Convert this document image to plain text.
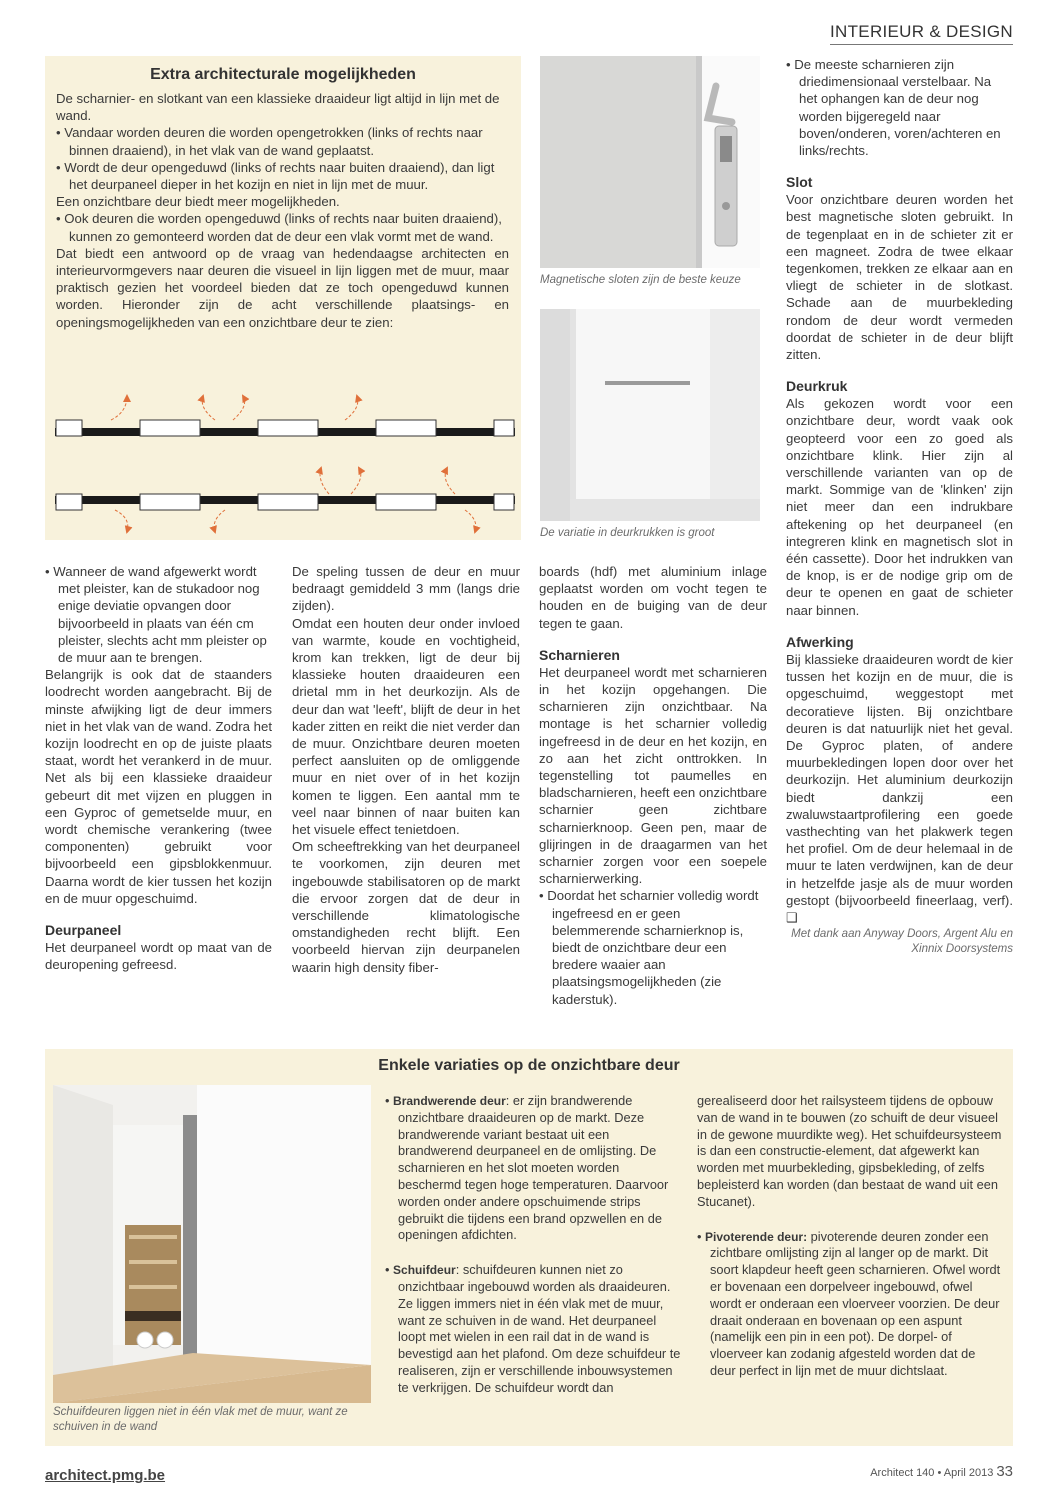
INTERIEUR & DESIGN
Extra architecturale mogelijkheden

De scharnier- en slotkant van een klassieke draaideur ligt altijd in lijn met de wand.

• Vandaar worden deuren die worden opengetrokken (links of rechts naar binnen draaiend), in het vlak van de wand geplaatst.

• Wordt de deur opengeduwd (links of rechts naar buiten draaiend), dan ligt het deurpaneel dieper in het kozijn en niet in lijn met de muur.

Een onzichtbare deur biedt meer mogelijkheden.

• Ook deuren die worden opengeduwd (links of rechts naar buiten draaiend), kunnen zo gemonteerd worden dat de deur een vlak vormt met de wand.

Dat biedt een antwoord op de vraag van hedendaagse architecten en interieurvormgevers naar deuren die visueel in lijn liggen met de muur, maar praktisch gezien het voordeel bieden dat ze toch opengeduwd kunnen worden. Hieronder zijn de acht verschillende plaatsings- en openingsmogelijkheden van een onzichtbare deur te zien:

Magnetische sloten zijn de beste keuze
De variatie in deurkrukken is groot

• Wanneer de wand afgewerkt wordt met pleister, kan de stukadoor nog enige deviatie opvangen door bijvoorbeeld in plaats van één cm pleister, slechts acht mm pleister op de muur aan te brengen.

Belangrijk is ook dat de staanders loodrecht worden aangebracht. Bij de minste afwijking ligt de deur immers niet in het vlak van de wand. Zodra het kozijn loodrecht en op de juiste plaats staat, wordt het verankerd in de muur. Net als bij een klassieke draaideur gebeurt dit met vijzen en pluggen in een Gyproc of gemetselde muur, en wordt chemische verankering (twee componenten) gebruikt voor bijvoorbeeld een gipsblokkenmuur. Daarna wordt de kier tussen het kozijn en de muur opgeschuimd.

Deurpaneel

Het deurpaneel wordt op maat van de deuropening gefreesd.

De speling tussen de deur en muur bedraagt gemiddeld 3 mm (langs drie zijden).

Omdat een houten deur onder invloed van warmte, koude en vochtigheid, krom kan trekken, ligt de deur bij klassieke houten draaideuren een drietal mm in het deurkozijn. Als de deur dan wat 'leeft', blijft de deur in het kader zitten en reikt die niet verder dan de muur. Onzichtbare deuren moeten perfect aansluiten op de omliggende muur en niet over of in het kozijn komen te liggen. Een aantal mm te veel naar binnen of naar buiten kan het visuele effect tenietdoen.

Om scheeftrekking van het deurpaneel te voorkomen, zijn deuren met ingebouwde stabilisatoren op de markt die ervoor zorgen dat de deur in verschillende klimatologische omstandigheden recht blijft. Een voorbeeld hiervan zijn deurpanelen waarin high density fiber-

boards (hdf) met aluminium inlage geplaatst worden om vocht tegen te houden en de buiging van de deur tegen te gaan.

Scharnieren

Het deurpaneel wordt met scharnieren in het kozijn opgehangen. Die scharnieren zijn onzichtbaar. Na montage is het scharnier volledig ingefreesd in de deur en het kozijn, en zo aan het zicht onttrokken. In tegenstelling tot paumelles en bladscharnieren, heeft een onzichtbare scharnier geen zichtbare scharnierknoop. Geen pen, maar de glijringen in de draagarmen van het scharnier zorgen voor een soepele scharnierwerking.

• Doordat het scharnier volledig wordt ingefreesd en er geen belemmerende scharnierknop is, biedt de onzichtbare deur een bredere waaier aan plaatsingsmogelijkheden (zie kaderstuk).

• De meeste scharnieren zijn driedimensionaal verstelbaar. Na het ophangen kan de deur nog worden bijgeregeld naar boven/onderen, voren/achteren en links/rechts.

Slot

Voor onzichtbare deuren worden het best magnetische sloten gebruikt. In de tegenplaat en in de schieter zit er een magneet. Zodra de twee elkaar tegenkomen, trekken ze elkaar aan en vliegt de schieter in de slotkast. Schade aan de muurbekleding rondom de deur wordt vermeden doordat de schieter in de deur blijft zitten.

Deurkruk

Als gekozen wordt voor een onzichtbare deur, wordt vaak ook geopteerd voor een zo goed als onzichtbare klink. Hier zijn al verschillende varianten van op de markt. Sommige van de 'klinken' zijn niet meer dan een indrukbare aftekening op het deurpaneel (en integreren klink en magnetisch slot in één cassette). Door het indrukken van de knop, is er de nodige grip om de deur te openen en gaat de schieter naar binnen.

Afwerking

Bij klassieke draaideuren wordt de kier tussen het kozijn en de muur, die is opgeschuimd, weggestopt met decoratieve lijsten. Bij onzichtbare deuren is dat natuurlijk niet het geval. De Gyproc platen, of andere muurbekledingen lopen door over het deurkozijn. Het aluminium deurkozijn biedt dankzij een zwaluwstaartprofilering een goede vasthechting van het plakwerk tegen het profiel. Om de deur helemaal in de muur te laten verdwijnen, kan de deur in hetzelfde jasje als de muur worden gestopt (bijvoorbeeld fineerlaag, verf). ❑

Met dank aan Anyway Doors, Argent Alu en Xinnix Doorsystems

Enkele variaties op de onzichtbare deur
Schuifdeuren liggen niet in één vlak met de muur, want ze schuiven in de wand

• Brandwerende deur: er zijn brandwerende onzichtbare draaideuren op de markt. Deze brandwerende variant bestaat uit een brandwerend deurpaneel en de omlijsting. De scharnieren en het slot moeten worden beschermd tegen hoge temperaturen. Daarvoor worden onder andere opschuimende strips gebruikt die tijdens een brand opzwellen en de openingen afdichten.

• Schuifdeur: schuifdeuren kunnen niet zo onzichtbaar ingebouwd worden als draaideuren. Ze liggen immers niet in één vlak met de muur, want ze schuiven in de wand. Het deurpaneel loopt met wielen in een rail dat in de wand is bevestigd aan het plafond. Om deze schuifdeur te realiseren, zijn er verschillende inbouwsystemen te verkrijgen. De schuifdeur wordt dan

gerealiseerd door het railsysteem tijdens de opbouw van de wand in te bouwen (zo schuift de deur visueel in de gewone muurdikte weg). Het schuifdeursysteem is dan een constructie-element, dat afgewerkt kan worden met muurbekleding, gipsbekleding, of zelfs bepleisterd kan worden (dan bestaat de wand uit een Stucanet).

• Pivoterende deur: pivoterende deuren zonder een zichtbare omlijsting zijn al langer op de markt. Dit soort klapdeur heeft geen scharnieren. Ofwel wordt er bovenaan een dorpelveer ingebouwd, ofwel wordt er onderaan een vloerveer voorzien. De deur draait onderaan en bovenaan op een aspunt (namelijk een pin in een pot). De dorpel- of vloerveer kan zodanig afgesteld worden dat de deur perfect in lijn met de muur dichtslaat.

architect.pmg.be	Architect 140 • April 2013 33
